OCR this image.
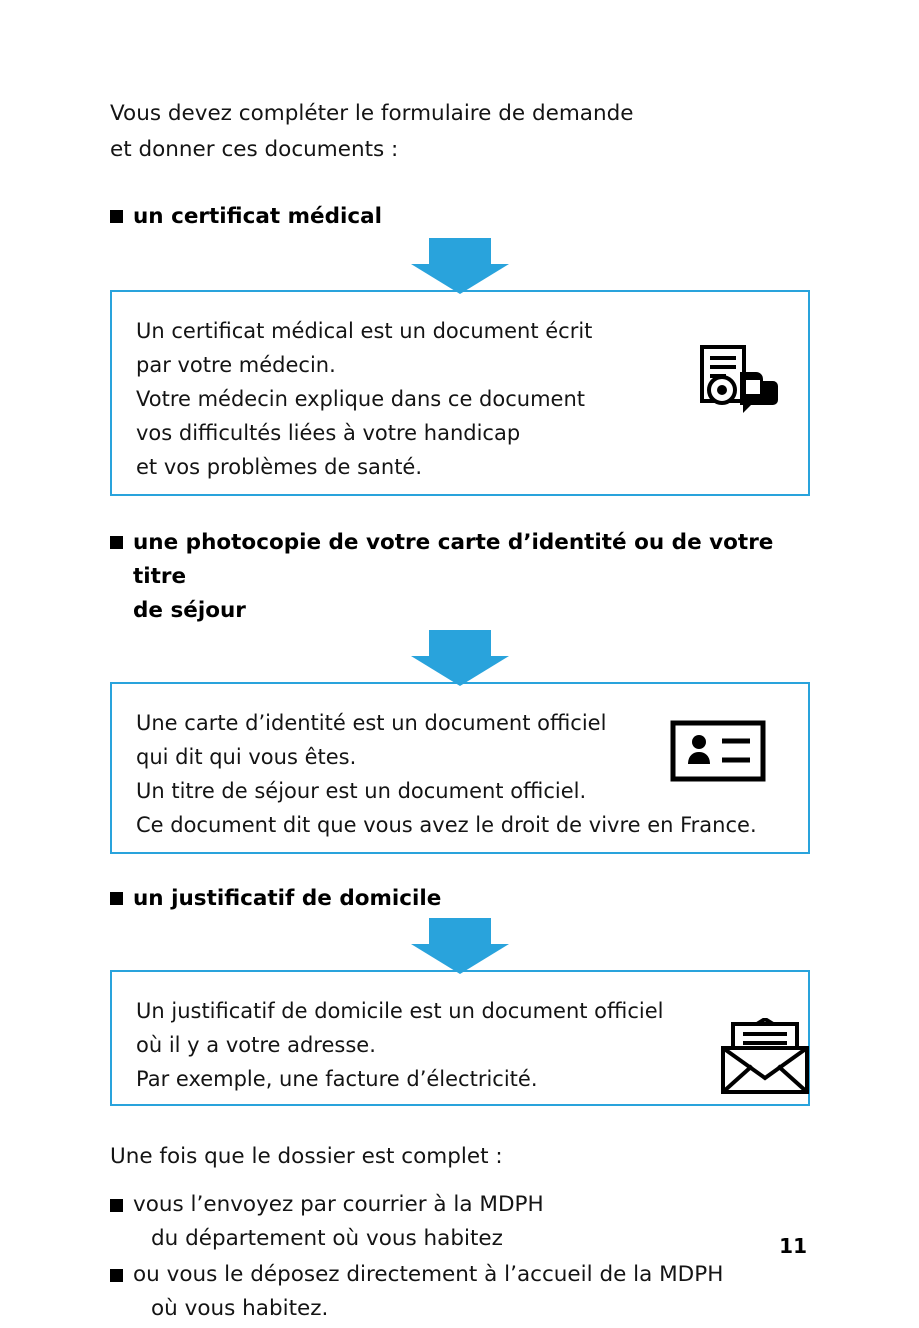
Vous devez compléter le formulaire de demande
et donner ces documents :

un certificat médical

Un certificat médical est un document écrit
par votre médecin.
Votre médecin explique dans ce document
vos difficultés liées à votre handicap
et vos problèmes de santé.

une photocopie de votre carte d’identité ou de votre titre
de séjour

Une carte d’identité est un document officiel
qui dit qui vous êtes.
Un titre de séjour est un document officiel.
Ce document dit que vous avez le droit de vivre en France.

un justificatif de domicile

Un justificatif de domicile est un document officiel
où il y a votre adresse.
Par exemple, une facture d’électricité.

Une fois que le dossier est complet :

vous l’envoyez par courrier à la MDPH
du département où vous habitez
ou vous le déposez directement à l’accueil de la MDPH
où vous habitez.
11
